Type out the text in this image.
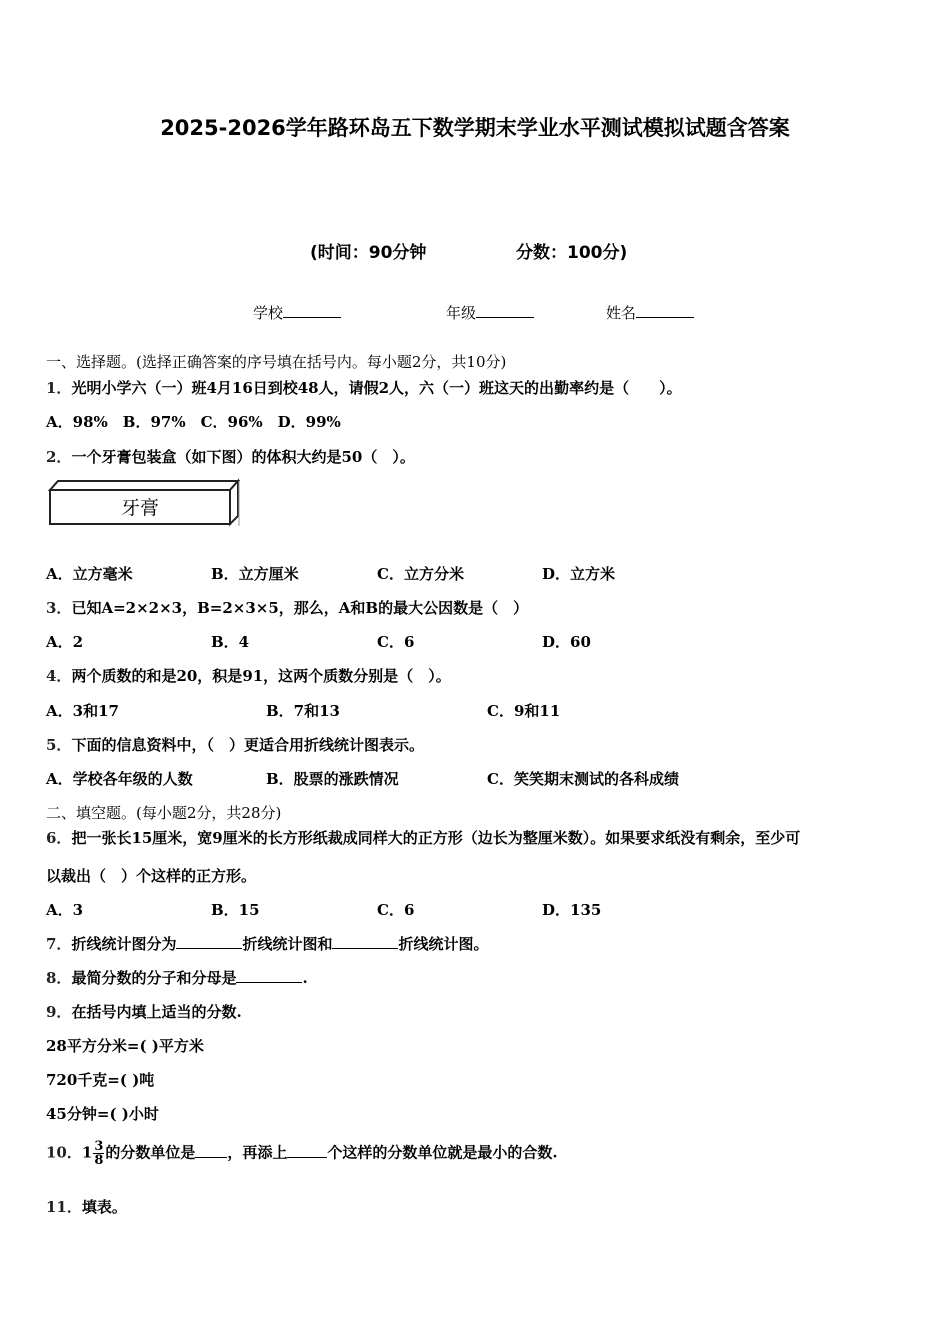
2025-2026学年路环岛五下数学期末学业水平测试模拟试题含答案
(时间：90分钟	分数：100分)
学校	年级	姓名
一、选择题。(选择正确答案的序号填在括号内。每小题2分，共10分)
1．光明小学六（一）班4月16日到校48人，请假2人，六（一）班这天的出勤率约是（　　）。
A．98%　B．97%　C．96%　D．99%
2．一个牙膏包装盒（如下图）的体积大约是50（　）。
牙膏
A．立方毫米	B．立方厘米	C．立方分米	D．立方米
3．已知A=2×2×3，B=2×3×5，那么，A和B的最大公因数是（　）
A．2	B．4	C．6	D．60
4．两个质数的和是20，积是91，这两个质数分别是（　）。
A．3和17	B．7和13	C．9和11
5．下面的信息资料中，（　）更适合用折线统计图表示。
A．学校各年级的人数	B．股票的涨跌情况	C．笑笑期末测试的各科成绩
二、填空题。(每小题2分，共28分)
6．把一张长15厘米，宽9厘米的长方形纸裁成同样大的正方形（边长为整厘米数）。如果要求纸没有剩余，至少可
以裁出（　）个这样的正方形。
A．3	B．15	C．6	D．135
7．折线统计图分为	折线统计图和	折线统计图。
8．最简分数的分子和分母是	.
9．在括号内填上适当的分数.
28平方分米=( )平方米
720千克=( )吨
45分钟=( )小时
10．$1 \frac{3}{8}$ 的分数单位是 ，再添上	个这样的分数单位就是最小的合数.
11．填表。
